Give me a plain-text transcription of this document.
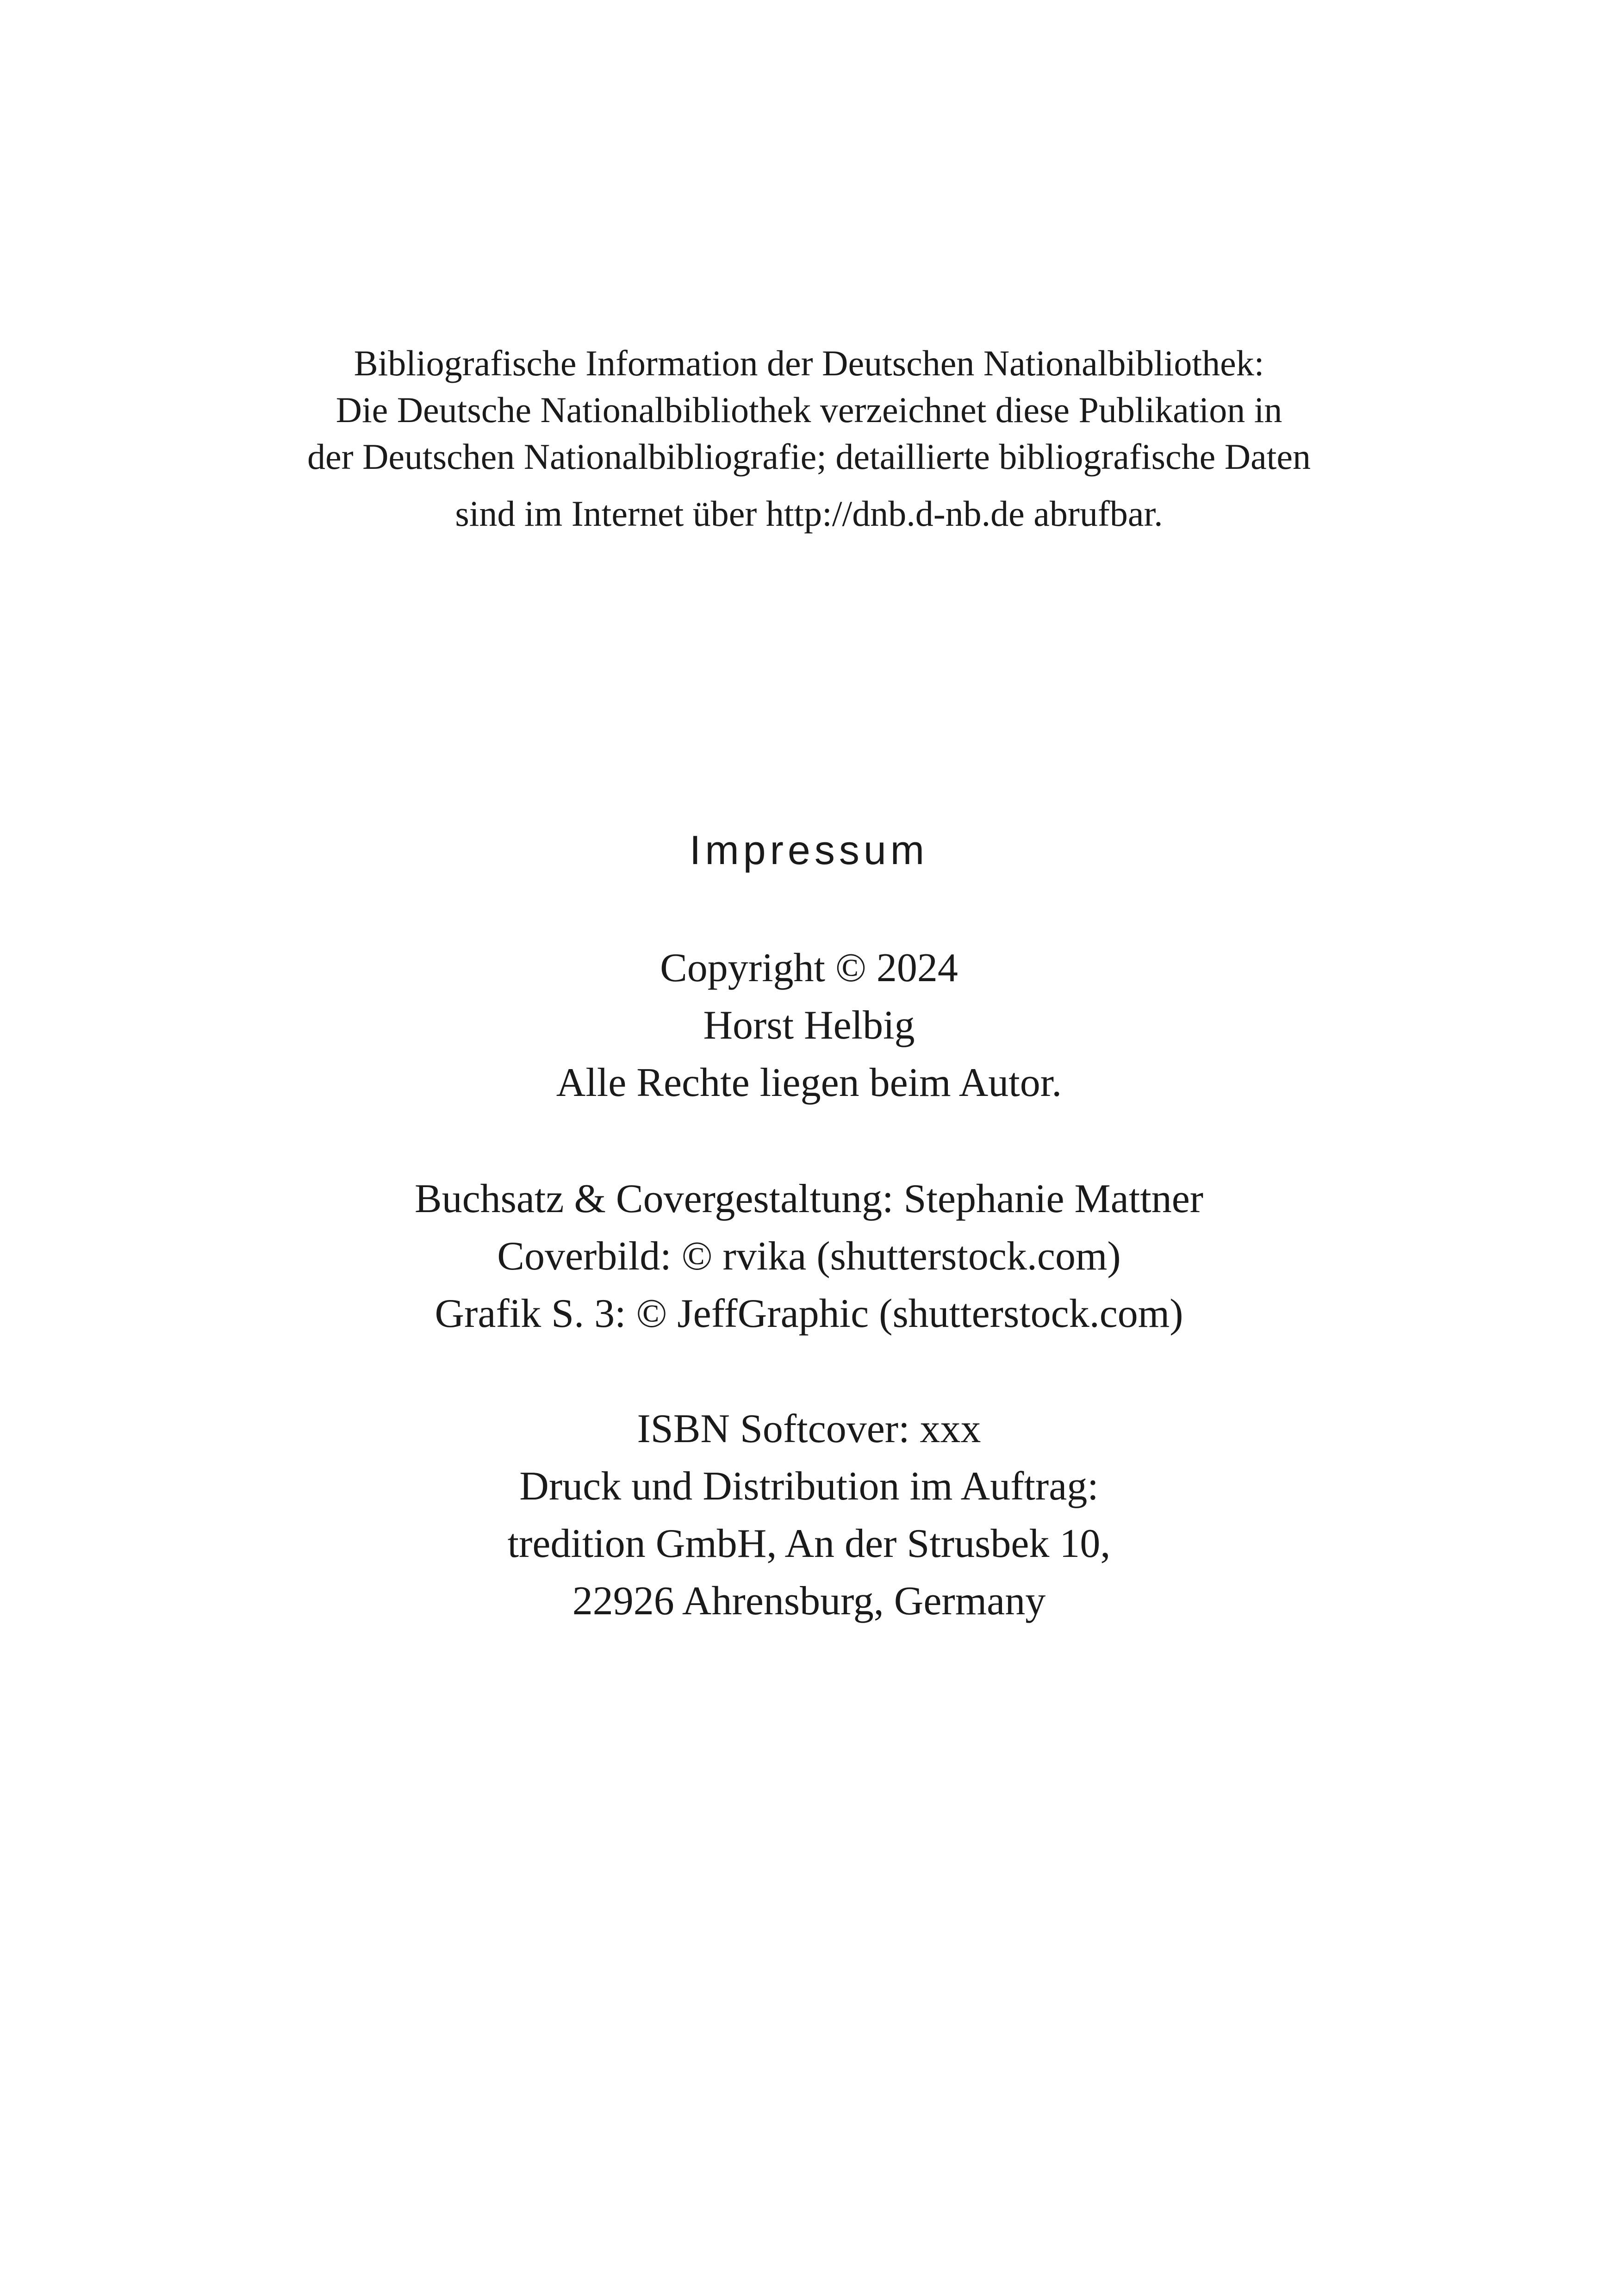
Bibliografische Information der Deutschen Nationalbibliothek:
Die Deutsche Nationalbibliothek verzeichnet diese Publikation in
der Deutschen Nationalbibliografie; detaillierte bibliografische Daten
sind im Internet über http://dnb.d-nb.de abrufbar.
Impressum
Copyright © 2024
Horst Helbig
Alle Rechte liegen beim Autor.
Buchsatz & Covergestaltung: Stephanie Mattner
Coverbild: © rvika (shutterstock.com)
Grafik S. 3: © JeffGraphic (shutterstock.com)
ISBN Softcover: xxx
Druck und Distribution im Auftrag:
tredition GmbH, An der Strusbek 10,
22926 Ahrensburg, Germany
